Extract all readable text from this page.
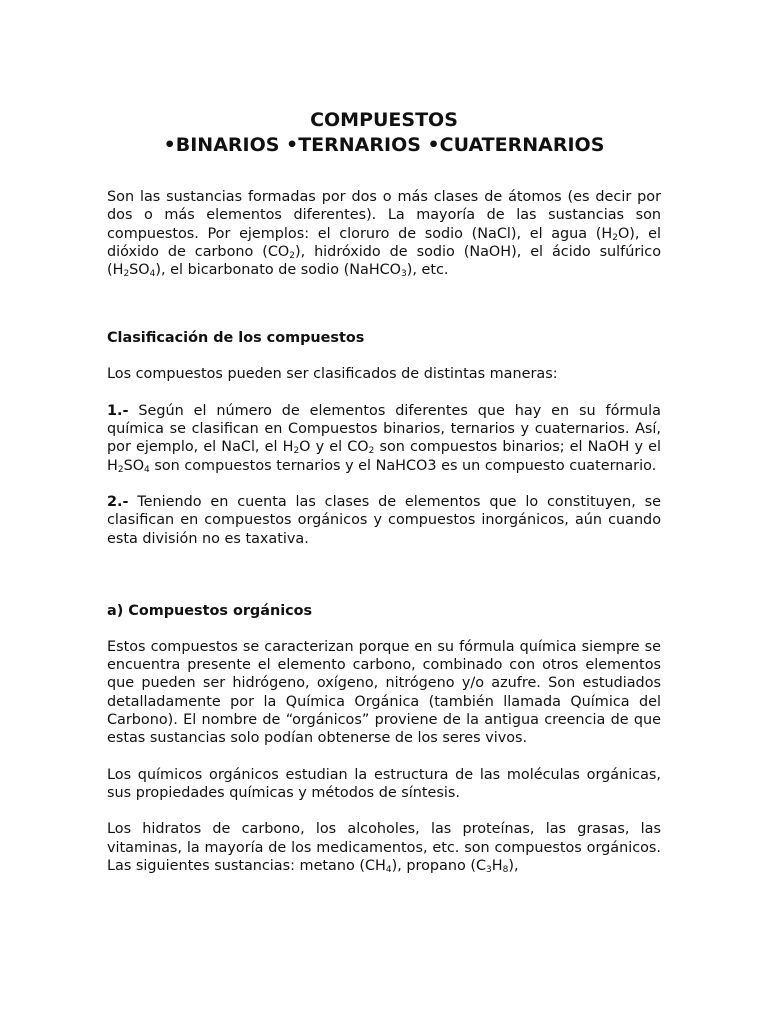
COMPUESTOS
•BINARIOS •TERNARIOS •CUATERNARIOS

Son las sustancias formadas por dos o más clases de átomos (es decir por dos o más elementos diferentes). La mayoría de las sustancias son compuestos. Por ejemplos: el cloruro de sodio (NaCl), el agua $(H_2O)$, el dióxido de carbono $(CO_2)$, hidróxido de sodio (NaOH), el ácido sulfúrico $(H_2SO_4)$, el bicarbonato de sodio (NaHCO$_3$), etc.

Clasificación de los compuestos

Los compuestos pueden ser clasificados de distintas maneras:

1.- Según el número de elementos diferentes que hay en su fórmula química se clasifican en Compuestos binarios, ternarios y cuaternarios. Así, por ejemplo, el NaCl, el $H_2O$ y el $CO_2$ son compuestos binarios; el NaOH y el $H_2SO_4$ son compuestos ternarios y el NaHCO3 es un compuesto cuaternario.

2.- Teniendo en cuenta las clases de elementos que lo constituyen, se clasifican en compuestos orgánicos y compuestos inorgánicos, aún cuando esta división no es taxativa.

a) Compuestos orgánicos

Estos compuestos se caracterizan porque en su fórmula química siempre se encuentra presente el elemento carbono, combinado con otros elementos que pueden ser hidrógeno, oxígeno, nitrógeno y/o azufre. Son estudiados detalladamente por la Química Orgánica (también llamada Química del Carbono). El nombre de “orgánicos” proviene de la antigua creencia de que estas sustancias solo podían obtenerse de los seres vivos.

Los químicos orgánicos estudian la estructura de las moléculas orgánicas, sus propiedades químicas y métodos de síntesis.

Los hidratos de carbono, los alcoholes, las proteínas, las grasas, las vitaminas, la mayoría de los medicamentos, etc. son compuestos orgánicos. Las siguientes sustancias: metano $(CH_4)$, propano $(C_3H_8)$,
